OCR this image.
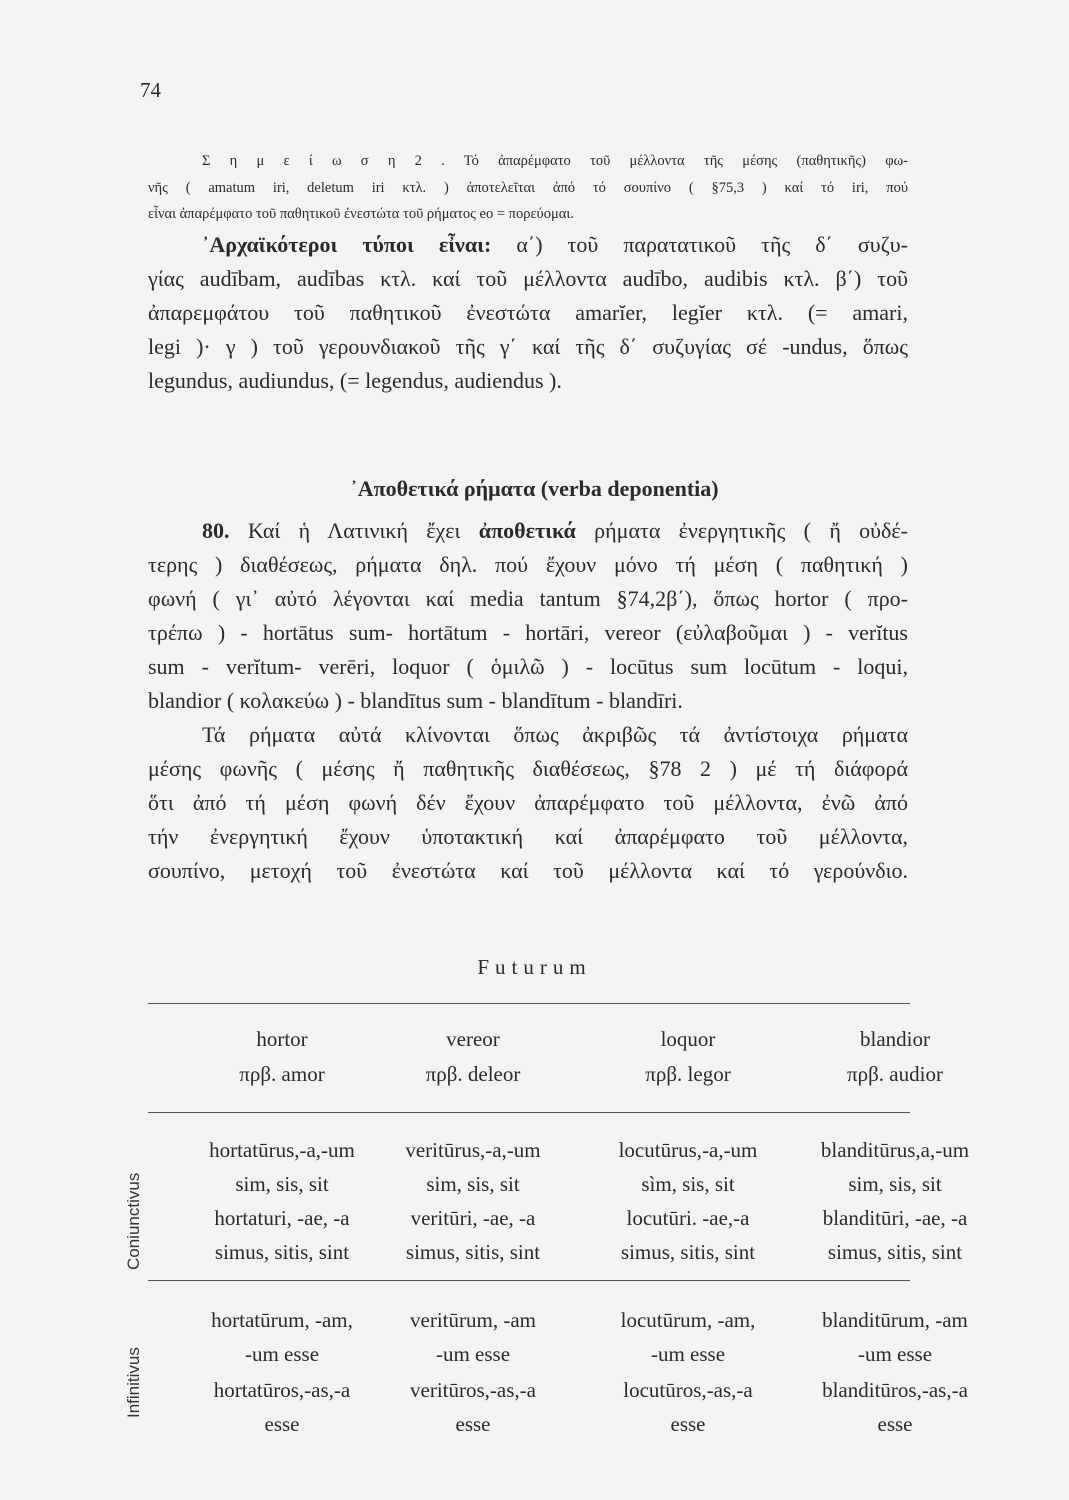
74
Σ η μ ε ί ω σ η 2 . Τό ἀπαρέμφατο τοῦ μέλλοντα τῆς μέσης (παθητικῆς) φω-
νῆς ( amatum iri, deletum iri κτλ. ) ἀποτελεῖται ἀπό τό σουπίνο ( §75,3 ) καί τό iri, πού
εἶναι ἀπαρέμφατο τοῦ παθητικοῦ ἐνεστώτα τοῦ ρήματος eo = πορεύομαι.
᾿Αρχαϊκότεροι τύποι εἶναι: α΄) τοῦ παρατατικοῦ τῆς δ΄ συζυ-
γίας audībam, audības κτλ. καί τοῦ μέλλοντα audībo, audibis κτλ. β΄) τοῦ
ἀπαρεμφάτου τοῦ παθητικοῦ ἐνεστώτα amarĭer, legĭer κτλ. (= amari,
legi )· γ ) τοῦ γερουνδιακοῦ τῆς γ΄ καί τῆς δ΄ συζυγίας σέ -undus, ὅπως
legundus, audiundus, (= legendus, audiendus ).
᾿Αποθετικά ρήματα (verba deponentia)
80. Καί ἡ Λατινική ἔχει ἀποθετικά ρήματα ἐνεργητικῆς ( ἤ οὐδέ-
τερης ) διαθέσεως, ρήματα δηλ. πού ἔχουν μόνο τή μέση ( παθητική )
φωνή ( γι᾿ αὐτό λέγονται καί media tantum §74,2β΄), ὅπως hortor ( προ-
τρέπω ) - hortātus sum- hortātum - hortāri, vereor (εὐλαβοῦμαι ) - verĭtus
sum - verĭtum- verēri, loquor ( ὁμιλῶ ) - locūtus sum locūtum - loqui,
blandior ( κολακεύω ) - blandītus sum - blandītum - blandīri.
Τά ρήματα αὐτά κλίνονται ὅπως ἀκριβῶς τά ἀντίστοιχα ρήματα
μέσης φωνῆς ( μέσης ἤ παθητικῆς διαθέσεως, §78 2 ) μέ τή διάφορά
ὅτι ἀπό τή μέση φωνή δέν ἔχουν ἀπαρέμφατο τοῦ μέλλοντα, ἐνῶ ἀπό
τήν ἐνεργητική ἔχουν ὑποτακτική καί ἀπαρέμφατο τοῦ μέλλοντα,
σουπίνο, μετοχή τοῦ ἐνεστώτα καί τοῦ μέλλοντα καί τό γερούνδιο.
Futurum
Coniunctivus
Infinitivus
hortor
πρβ. amor
hortatūrus,-a,-um
sim, sis, sit
hortaturi, -ae, -a
simus, sitis, sint
hortatūrum, -am,
-um esse
hortatūros,-as,-a
esse
vereor
πρβ. deleor
veritūrus,-a,-um
sim, sis, sit
veritūri, -ae, -a
simus, sitis, sint
veritūrum, -am
-um esse
veritūros,-as,-a
esse
loquor
πρβ. legor
locutūrus,-a,-um
sìm, sis, sit
locutūri. -ae,-a
simus, sitis, sint
locutūrum, -am,
-um esse
locutūros,-as,-a
esse
blandior
πρβ. audior
blanditūrus,a,-um
sim, sis, sit
blanditūri, -ae, -a
simus, sitis, sint
blanditūrum, -am
-um esse
blanditūros,-as,-a
esse
